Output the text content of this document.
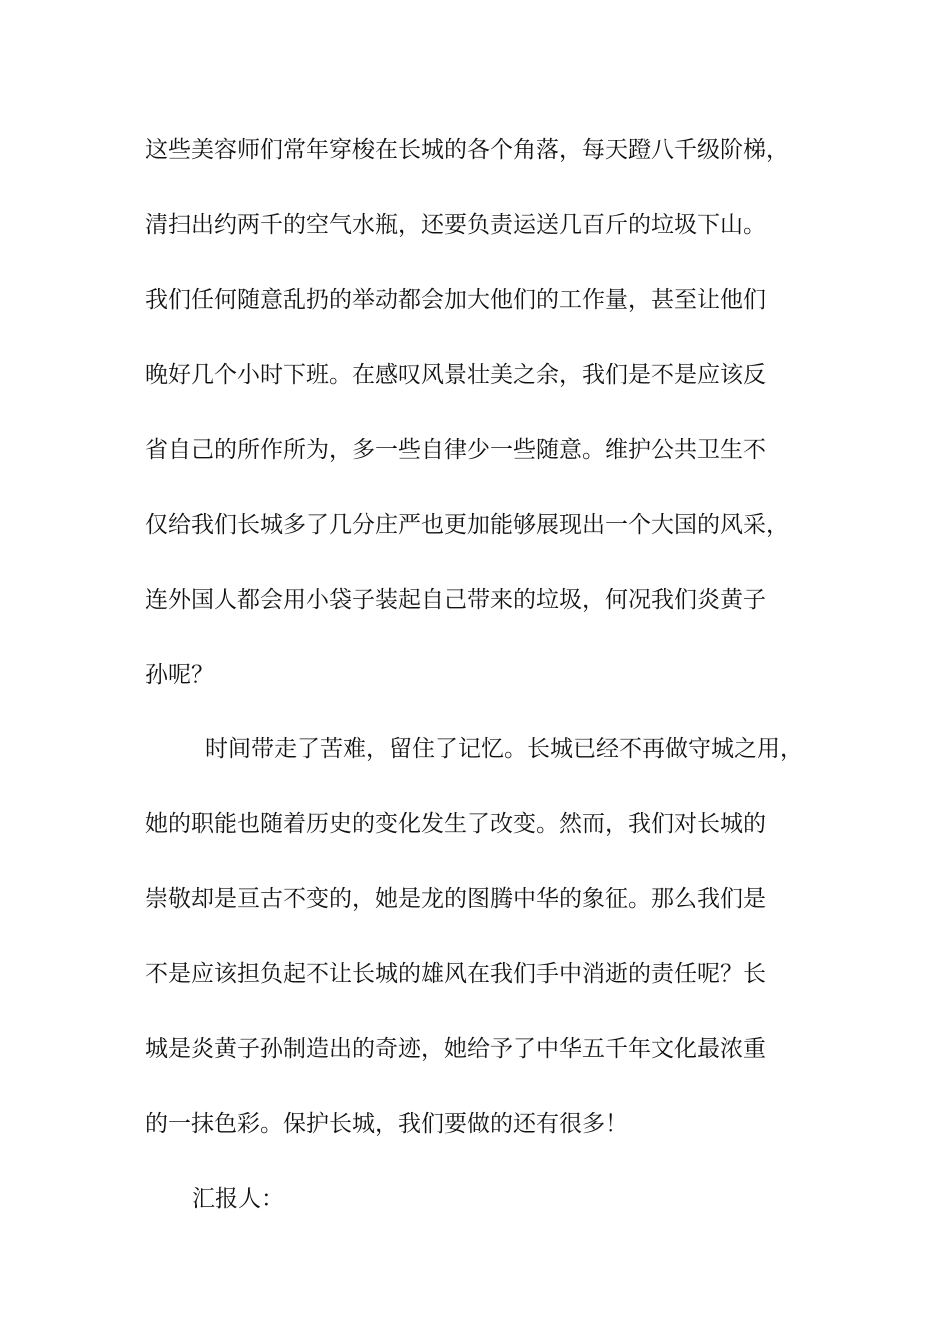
这些美容师们常年穿梭在长城的各个角落，每天蹬八千级阶梯，
清扫出约两千的空气水瓶，还要负责运送几百斤的垃圾下山。
我们任何随意乱扔的举动都会加大他们的工作量，甚至让他们
晚好几个小时下班。在感叹风景壮美之余，我们是不是应该反
省自己的所作所为，多一些自律少一些随意。维护公共卫生不
仅给我们长城多了几分庄严也更加能够展现出一个大国的风采，
连外国人都会用小袋子装起自己带来的垃圾，何况我们炎黄子
孙呢？
时间带走了苦难，留住了记忆。长城已经不再做守城之用，
她的职能也随着历史的变化发生了改变。然而，我们对长城的
崇敬却是亘古不变的，她是龙的图腾中华的象征。那么我们是
不是应该担负起不让长城的雄风在我们手中消逝的责任呢？长
城是炎黄子孙制造出的奇迹，她给予了中华五千年文化最浓重
的一抹色彩。保护长城，我们要做的还有很多！
汇报人：
